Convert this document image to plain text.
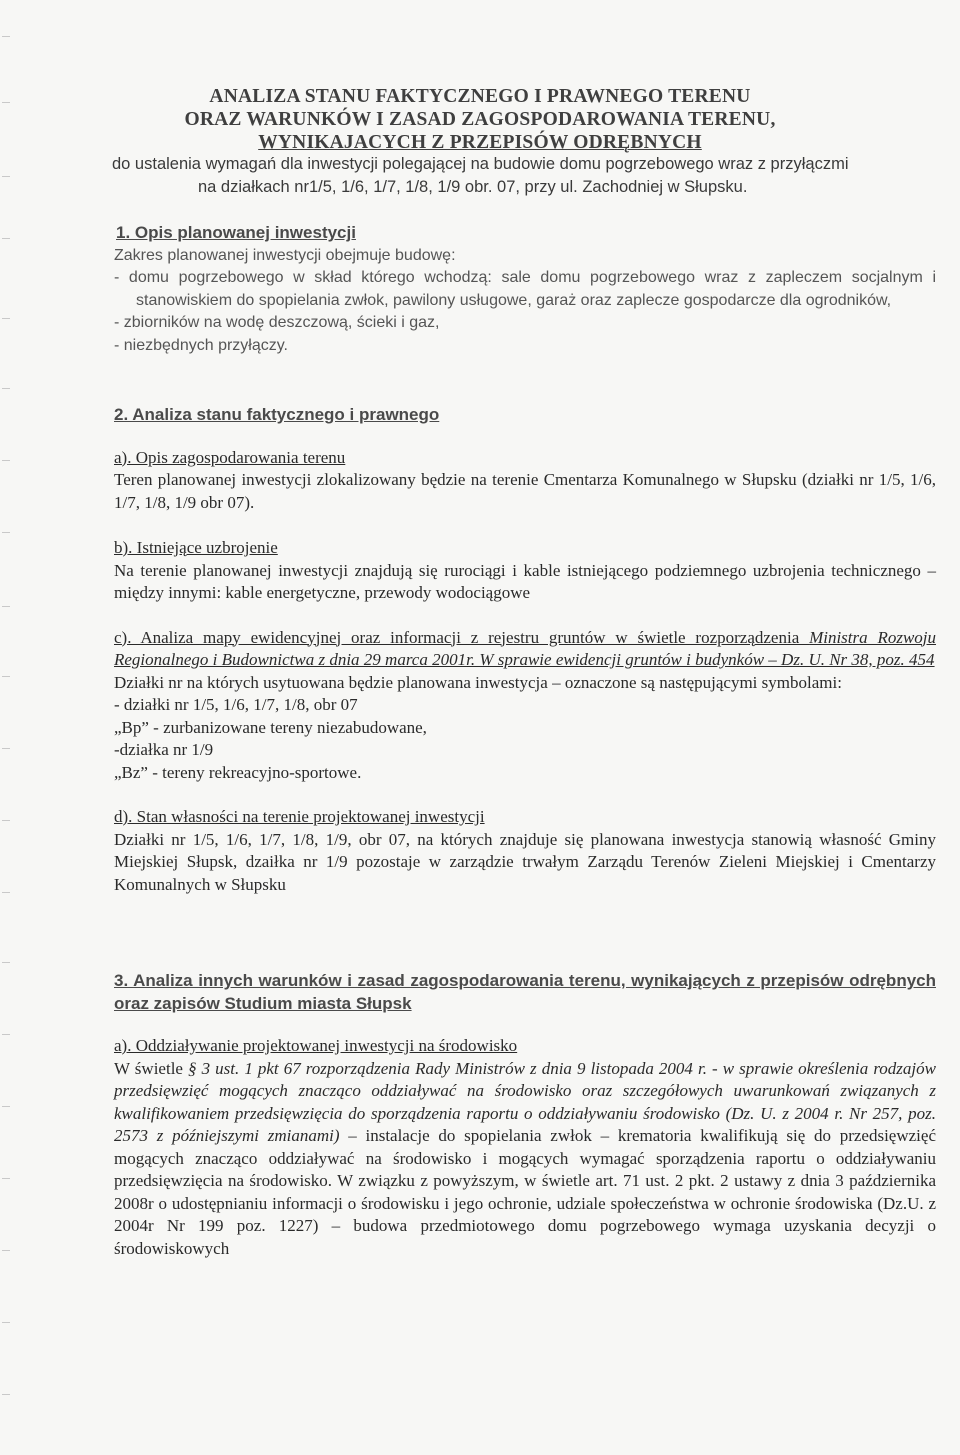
ANALIZA STANU FAKTYCZNEGO I PRAWNEGO TERENU
ORAZ WARUNKÓW I ZASAD ZAGOSPODAROWANIA TERENU,
WYNIKAJACYCH Z PRZEPISÓW ODRĘBNYCH
do ustalenia wymagań dla inwestycji polegającej na budowie domu pogrzebowego wraz z przyłączmi
na działkach nr1/5, 1/6, 1/7, 1/8, 1/9 obr. 07, przy ul. Zachodniej w Słupsku.
1. Opis planowanej inwestycji
Zakres planowanej inwestycji obejmuje budowę:
- domu pogrzebowego w skład którego wchodzą: sale domu pogrzebowego wraz z zapleczem socjalnym i stanowiskiem do spopielania zwłok, pawilony usługowe, garaż oraz zaplecze gospodarcze dla ogrodników,
- zbiorników na wodę deszczową, ścieki i gaz,
- niezbędnych przyłączy.
2. Analiza stanu faktycznego i prawnego
a). Opis zagospodarowania terenu
Teren planowanej inwestycji zlokalizowany będzie na terenie Cmentarza Komunalnego w Słupsku (działki nr 1/5, 1/6, 1/7, 1/8, 1/9 obr 07).
b). Istniejące uzbrojenie
Na terenie planowanej inwestycji znajdują się rurociągi i kable istniejącego podziemnego uzbrojenia technicznego – między innymi: kable energetyczne, przewody wodociągowe
c). Analiza mapy ewidencyjnej oraz informacji z rejestru gruntów w świetle rozporządzenia Ministra Rozwoju Regionalnego i Budownictwa z dnia 29 marca 2001r. W sprawie ewidencji gruntów i budynków – Dz. U. Nr 38, poz. 454
Działki nr na których usytuowana będzie planowana inwestycja – oznaczone są następującymi symbolami:
- działki nr 1/5, 1/6, 1/7, 1/8, obr 07
„Bp” - zurbanizowane tereny niezabudowane,
-działka nr 1/9
„Bz” - tereny rekreacyjno-sportowe.
d). Stan własności na terenie projektowanej inwestycji
Działki nr 1/5, 1/6, 1/7, 1/8, 1/9, obr 07, na których znajduje się planowana inwestycja stanowią własność Gminy Miejskiej Słupsk, dzaiłka nr 1/9 pozostaje w zarządzie trwałym Zarządu Terenów Zieleni Miejskiej i Cmentarzy Komunalnych w Słupsku
3. Analiza innych warunków i zasad zagospodarowania terenu, wynikających z przepisów odrębnych oraz zapisów Studium miasta Słupsk
a). Oddziaływanie projektowanej inwestycji na środowisko
W świetle § 3 ust. 1 pkt 67 rozporządzenia Rady Ministrów z dnia 9 listopada 2004 r. - w sprawie określenia rodzajów przedsięwzięć mogących znacząco oddziaływać na środowisko oraz szczegółowych uwarunkowań związanych z kwalifikowaniem przedsięwzięcia do sporządzenia raportu o oddziaływaniu środowisko (Dz. U. z 2004 r. Nr 257, poz. 2573 z późniejszymi zmianami) – instalacje do spopielania zwłok – krematoria kwalifikują się do przedsięwzięć mogących znacząco oddziaływać na środowisko i mogących wymagać sporządzenia raportu o oddziaływaniu przedsięwzięcia na środowisko. W związku z powyższym, w świetle art. 71 ust. 2 pkt. 2 ustawy z dnia 3 października 2008r o udostępnianiu informacji o środowisku i jego ochronie, udziale społeczeństwa w ochronie środowiska (Dz.U. z 2004r Nr 199 poz. 1227) – budowa przedmiotowego domu pogrzebowego wymaga uzyskania decyzji o środowiskowych
